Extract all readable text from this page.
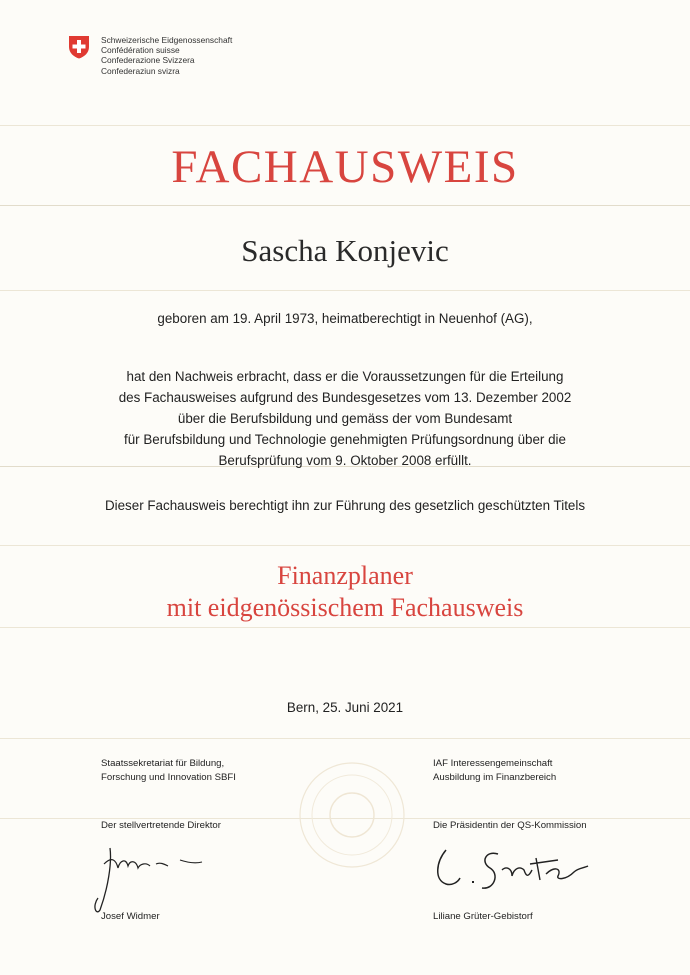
Schweizerische Eidgenossenschaft
Confédération suisse
Confederazione Svizzera
Confederaziun svizra
FACHAUSWEIS
Sascha Konjevic
geboren am 19. April 1973, heimatberechtigt in Neuenhof (AG),
hat den Nachweis erbracht, dass er die Voraussetzungen für die Erteilung
des Fachausweises aufgrund des Bundesgesetzes vom 13. Dezember 2002
über die Berufsbildung und gemäss der vom Bundesamt
für Berufsbildung und Technologie genehmigten Prüfungsordnung über die
Berufsprüfung vom 9. Oktober 2008 erfüllt.
Dieser Fachausweis berechtigt ihn zur Führung des gesetzlich geschützten Titels
Finanzplaner
mit eidgenössischem Fachausweis
Bern, 25. Juni 2021
Staatssekretariat für Bildung,
Forschung und Innovation SBFI
Der stellvertretende Direktor
Josef Widmer
IAF Interessengemeinschaft
Ausbildung im Finanzbereich
Die Präsidentin der QS-Kommission
Liliane Grüter-Gebistorf
